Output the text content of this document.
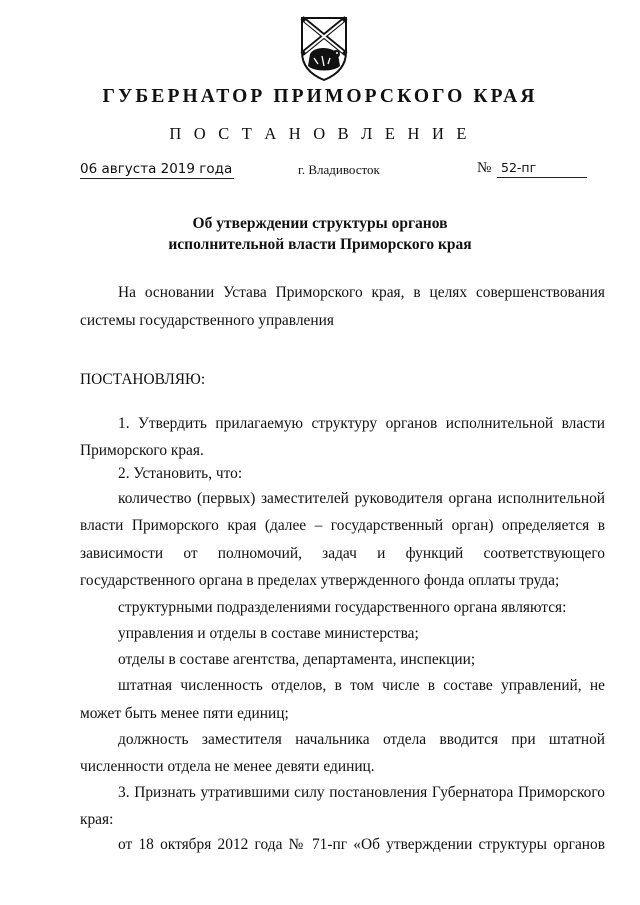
ГУБЕРНАТОР ПРИМОРСКОГО КРАЯ
П О С Т А Н О В Л Е Н И Е
06 августа 2019 года	г. Владивосток	№ 52-пг
Об утверждении структуры органов
исполнительной власти Приморского края
На основании Устава Приморского края, в целях совершенствования
системы государственного управления
ПОСТАНОВЛЯЮ:
1. Утвердить прилагаемую структуру органов исполнительной власти
Приморского края.
2. Установить, что:
количество (первых) заместителей руководителя органа исполнительной
власти Приморского края (далее – государственный орган) определяется в
зависимости от полномочий, задач и функций соответствующего
государственного органа в пределах утвержденного фонда оплаты труда;
структурными подразделениями государственного органа являются:
управления и отделы в составе министерства;
отделы в составе агентства, департамента, инспекции;
штатная численность отделов, в том числе в составе управлений, не
может быть менее пяти единиц;
должность заместителя начальника отдела вводится при штатной
численности отдела не менее девяти единиц.
3. Признать утратившими силу постановления Губернатора Приморского
края:
от 18 октября 2012 года № 71-пг «Об утверждении структуры органов
